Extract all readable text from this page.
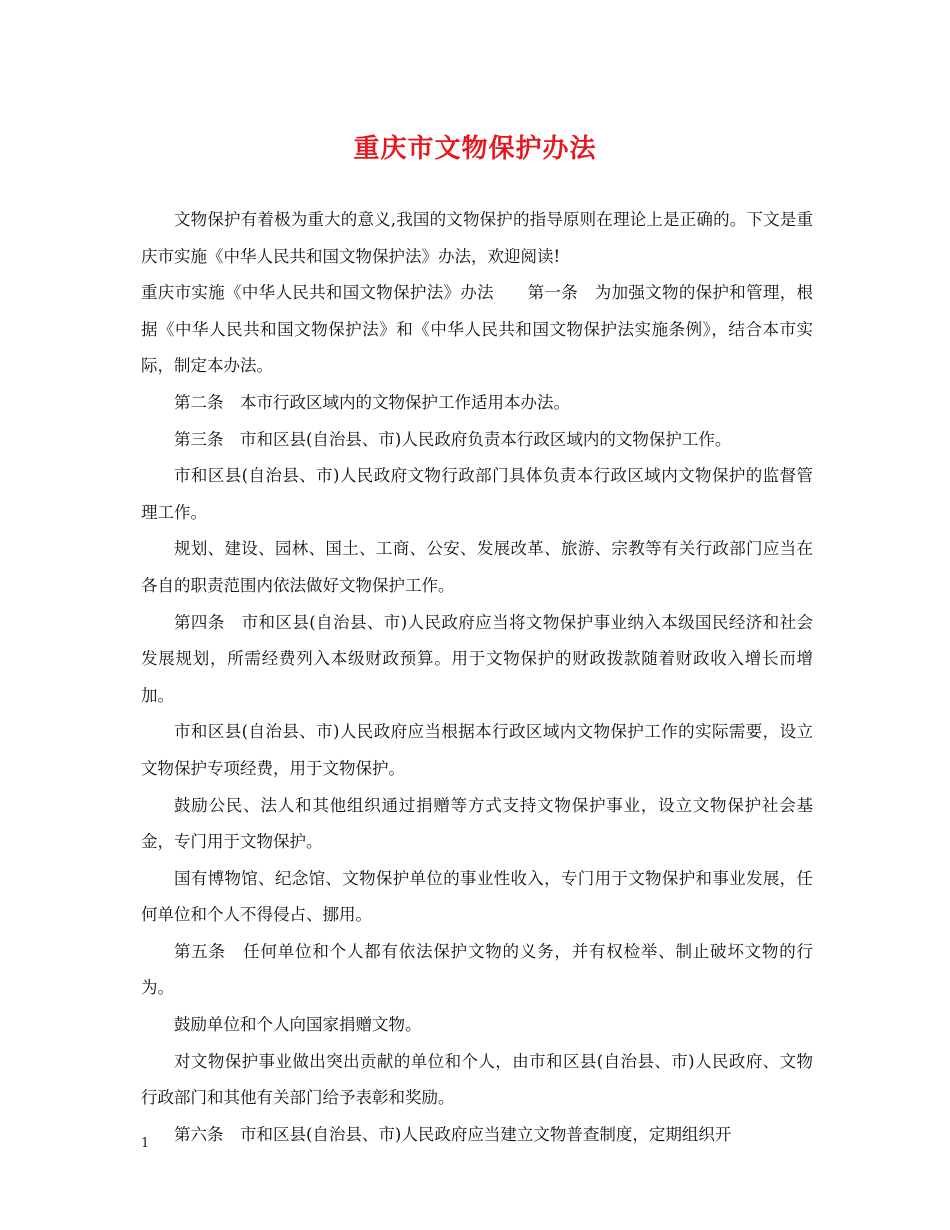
重庆市文物保护办法

文物保护有着极为重大的意义,我国的文物保护的指导原则在理论上是正确的。下文是重庆市实施《中华人民共和国文物保护法》办法，欢迎阅读!

重庆市实施《中华人民共和国文物保护法》办法　　第一条　为加强文物的保护和管理，根据《中华人民共和国文物保护法》和《中华人民共和国文物保护法实施条例》，结合本市实际，制定本办法。

第二条　本市行政区域内的文物保护工作适用本办法。

第三条　市和区县(自治县、市)人民政府负责本行政区域内的文物保护工作。

市和区县(自治县、市)人民政府文物行政部门具体负责本行政区域内文物保护的监督管理工作。

规划、建设、园林、国土、工商、公安、发展改革、旅游、宗教等有关行政部门应当在各自的职责范围内依法做好文物保护工作。

第四条　市和区县(自治县、市)人民政府应当将文物保护事业纳入本级国民经济和社会发展规划，所需经费列入本级财政预算。用于文物保护的财政拨款随着财政收入增长而增加。

市和区县(自治县、市)人民政府应当根据本行政区域内文物保护工作的实际需要，设立文物保护专项经费，用于文物保护。

鼓励公民、法人和其他组织通过捐赠等方式支持文物保护事业，设立文物保护社会基金，专门用于文物保护。

国有博物馆、纪念馆、文物保护单位的事业性收入，专门用于文物保护和事业发展，任何单位和个人不得侵占、挪用。

第五条　任何单位和个人都有依法保护文物的义务，并有权检举、制止破坏文物的行为。

鼓励单位和个人向国家捐赠文物。

对文物保护事业做出突出贡献的单位和个人，由市和区县(自治县、市)人民政府、文物行政部门和其他有关部门给予表彰和奖励。

第六条　市和区县(自治县、市)人民政府应当建立文物普查制度，定期组织开

1
